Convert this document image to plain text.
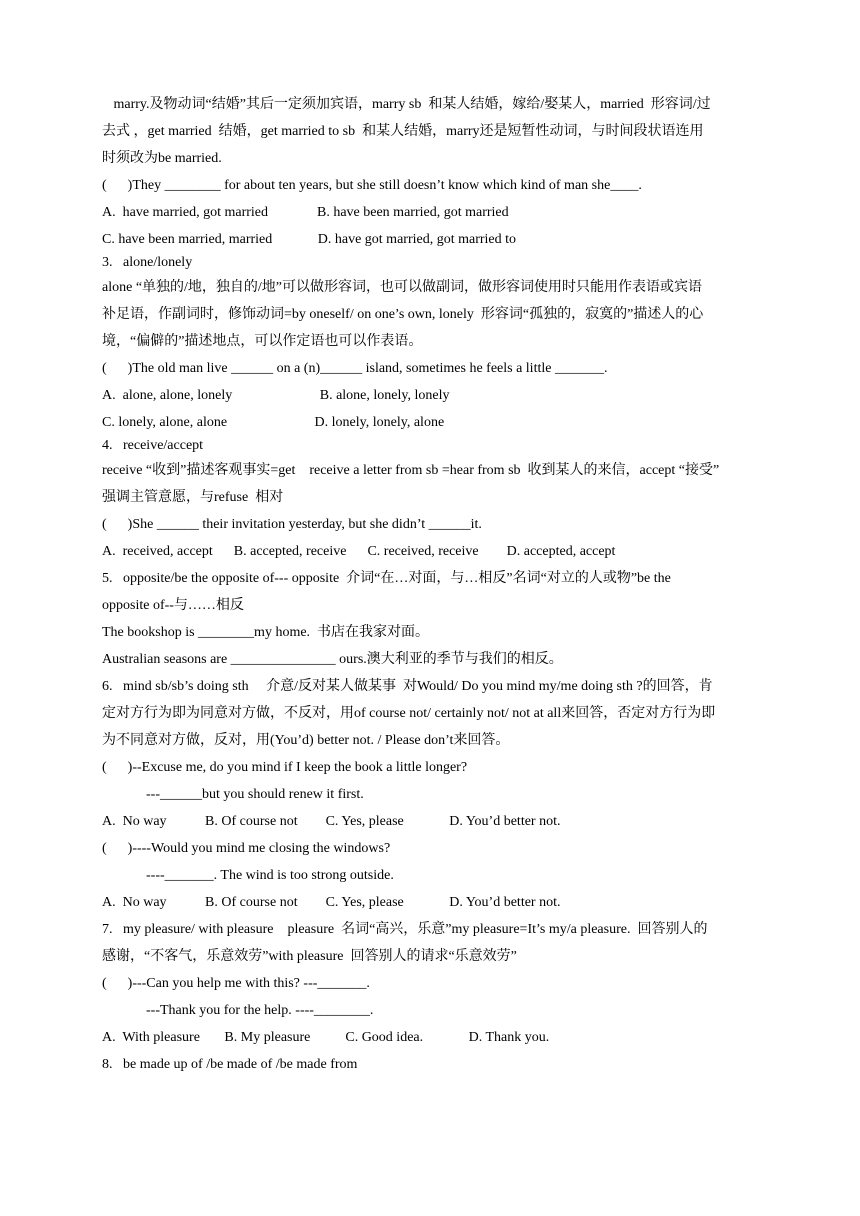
marry.及物动词“结婚”其后一定须加宾语，marry sb  和某人结婚，嫁给/娶某人，married  形容词/过
去式 ，get married  结婚，get married to sb  和某人结婚，marry还是短暂性动词，与时间段状语连用
时须改为be married.
(      )They ________ for about ten years, but she still doesn’t know which kind of man she____.
A.  have married, got married              B. have been married, got married
C. have been married, married             D. have got married, got married to
3.   alone/lonely
alone “单独的/地，独自的/地”可以做形容词，也可以做副词，做形容词使用时只能用作表语或宾语
补足语，作副词时，修饰动词=by oneself/ on one’s own, lonely  形容词“孤独的，寂寞的”描述人的心
境，“偏僻的”描述地点，可以作定语也可以作表语。
(      )The old man live ______ on a (n)______ island, sometimes he feels a little _______.
A.  alone, alone, lonely                         B. alone, lonely, lonely
C. lonely, alone, alone                         D. lonely, lonely, alone
4.   receive/accept
receive “收到”描述客观事实=get    receive a letter from sb =hear from sb  收到某人的来信，accept “接受”
强调主管意愿，与refuse  相对
(      )She ______ their invitation yesterday, but she didn’t ______it.
A.  received, accept      B. accepted, receive      C. received, receive        D. accepted, accept
5.   opposite/be the opposite of--- opposite  介词“在…对面，与…相反”名词“对立的人或物”be the
opposite of--与……相反
The bookshop is ________my home.  书店在我家对面。
Australian seasons are _______________ ours.澳大利亚的季节与我们的相反。
6.   mind sb/sb’s doing sth     介意/反对某人做某事  对Would/ Do you mind my/me doing sth ?的回答，肯
定对方行为即为同意对方做，不反对，用of course not/ certainly not/ not at all来回答，否定对方行为即
为不同意对方做，反对，用(You’d) better not. / Please don’t来回答。
(      )--Excuse me, do you mind if I keep the book a little longer?
---______but you should renew it first.
A.  No way           B. Of course not        C. Yes, please             D. You’d better not.
(      )----Would you mind me closing the windows?
----_______. The wind is too strong outside.
A.  No way           B. Of course not        C. Yes, please             D. You’d better not.
7.   my pleasure/ with pleasure    pleasure  名词“高兴，乐意”my pleasure=It’s my/a pleasure.  回答别人的
感谢，“不客气，乐意效劳”with pleasure  回答别人的请求“乐意效劳”
(      )---Can you help me with this? ---_______.
---Thank you for the help. ----________.
A.  With pleasure       B. My pleasure          C. Good idea.             D. Thank you.
8.   be made up of /be made of /be made from
